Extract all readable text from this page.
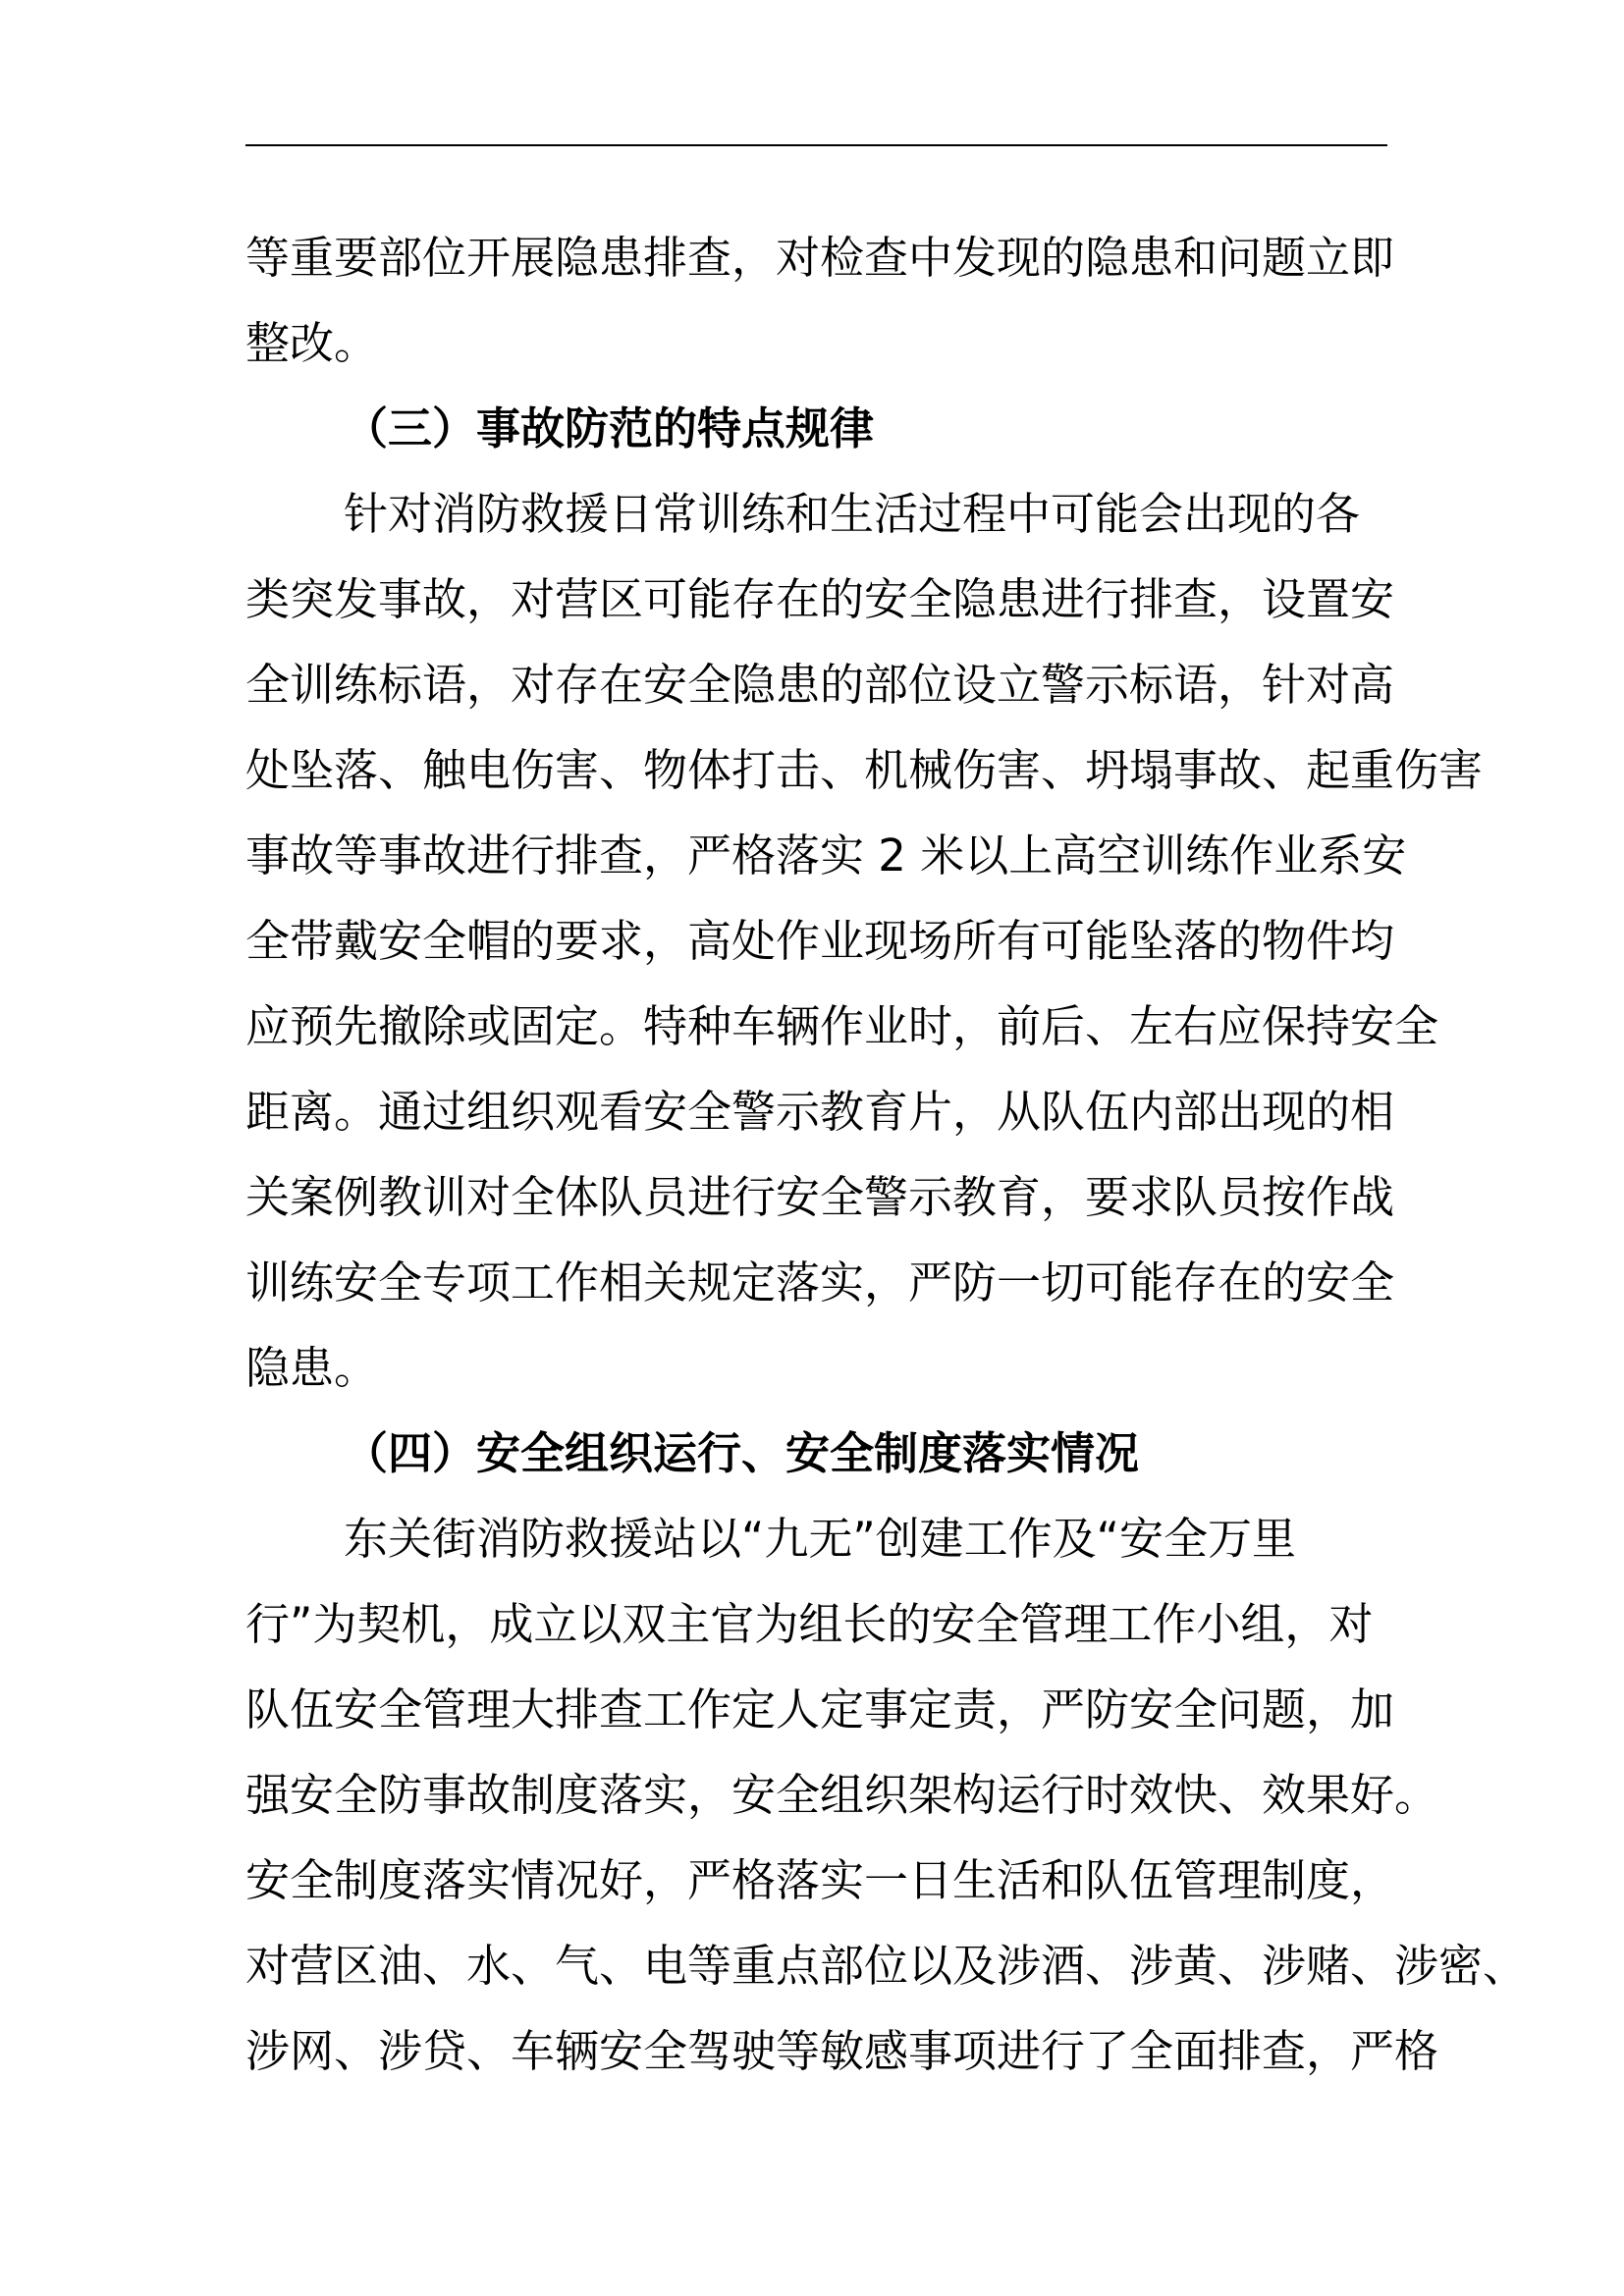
等重要部位开展隐患排查，对检查中发现的隐患和问题立即
整改。
（三）事故防范的特点规律
针对消防救援日常训练和生活过程中可能会出现的各
类突发事故，对营区可能存在的安全隐患进行排查，设置安
全训练标语，对存在安全隐患的部位设立警示标语，针对高
处坠落、触电伤害、物体打击、机械伤害、坍塌事故、起重伤害
事故等事故进行排查，严格落实 2 米以上高空训练作业系安
全带戴安全帽的要求，高处作业现场所有可能坠落的物件均
应预先撤除或固定。特种车辆作业时，前后、左右应保持安全
距离。通过组织观看安全警示教育片，从队伍内部出现的相
关案例教训对全体队员进行安全警示教育，要求队员按作战
训练安全专项工作相关规定落实，严防一切可能存在的安全
隐患。
（四）安全组织运行、安全制度落实情况
东关街消防救援站以“九无”创建工作及“安全万里
行”为契机，成立以双主官为组长的安全管理工作小组，对
队伍安全管理大排查工作定人定事定责，严防安全问题，加
强安全防事故制度落实，安全组织架构运行时效快、效果好。
安全制度落实情况好，严格落实一日生活和队伍管理制度，
对营区油、水、气、电等重点部位以及涉酒、涉黄、涉赌、涉密、
涉网、涉贷、车辆安全驾驶等敏感事项进行了全面排查，严格
